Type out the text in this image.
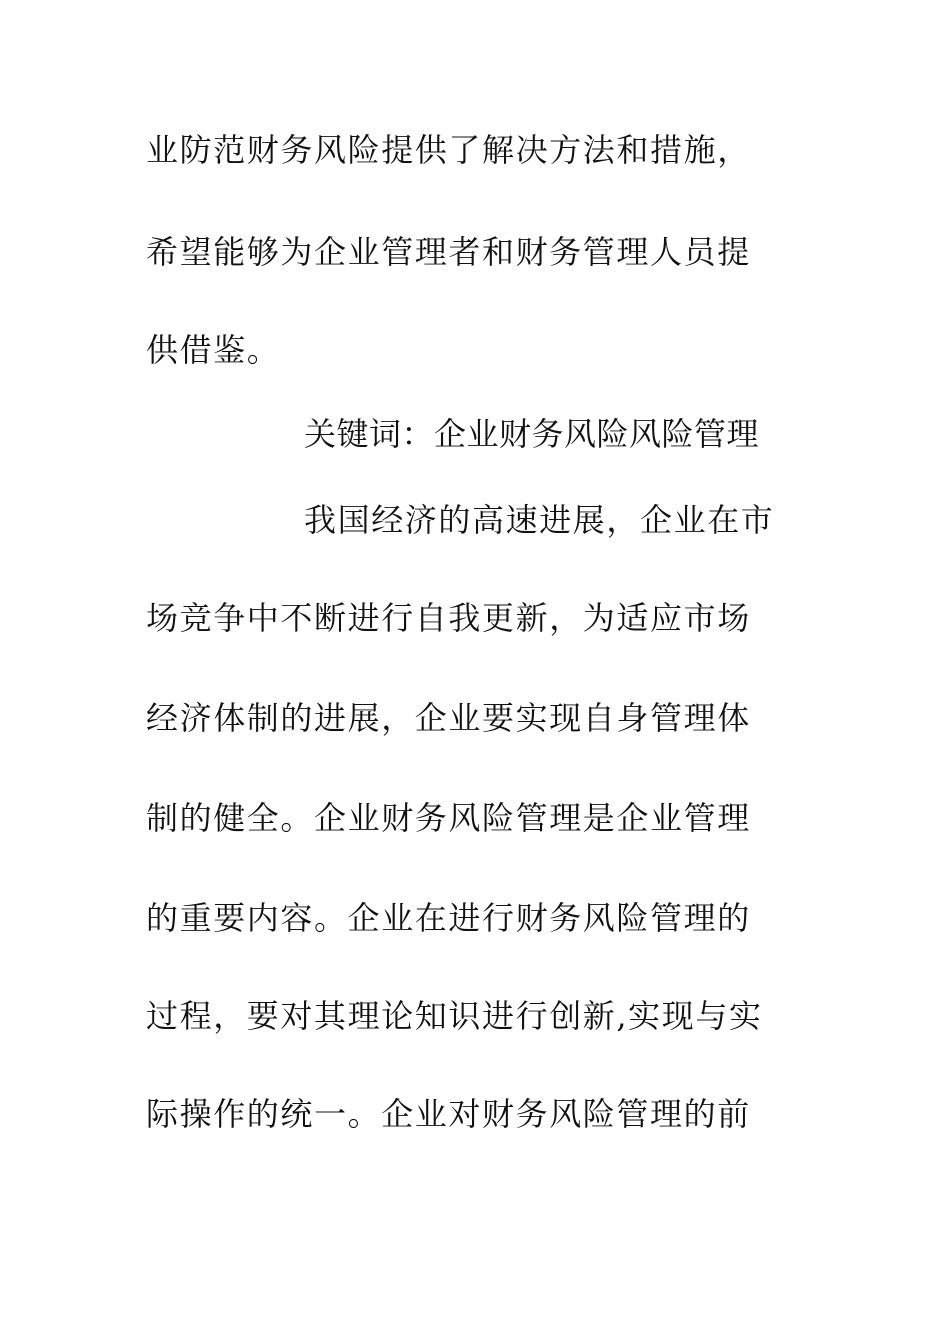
业防范财务风险提供了解决方法和措施，
希望能够为企业管理者和财务管理人员提
供借鉴。
关键词：企业财务风险风险管理
我国经济的高速进展，企业在市
场竞争中不断进行自我更新，为适应市场
经济体制的进展，企业要实现自身管理体
制的健全。企业财务风险管理是企业管理
的重要内容。企业在进行财务风险管理的
过程，要对其理论知识进行创新,实现与实
际操作的统一。企业对财务风险管理的前
